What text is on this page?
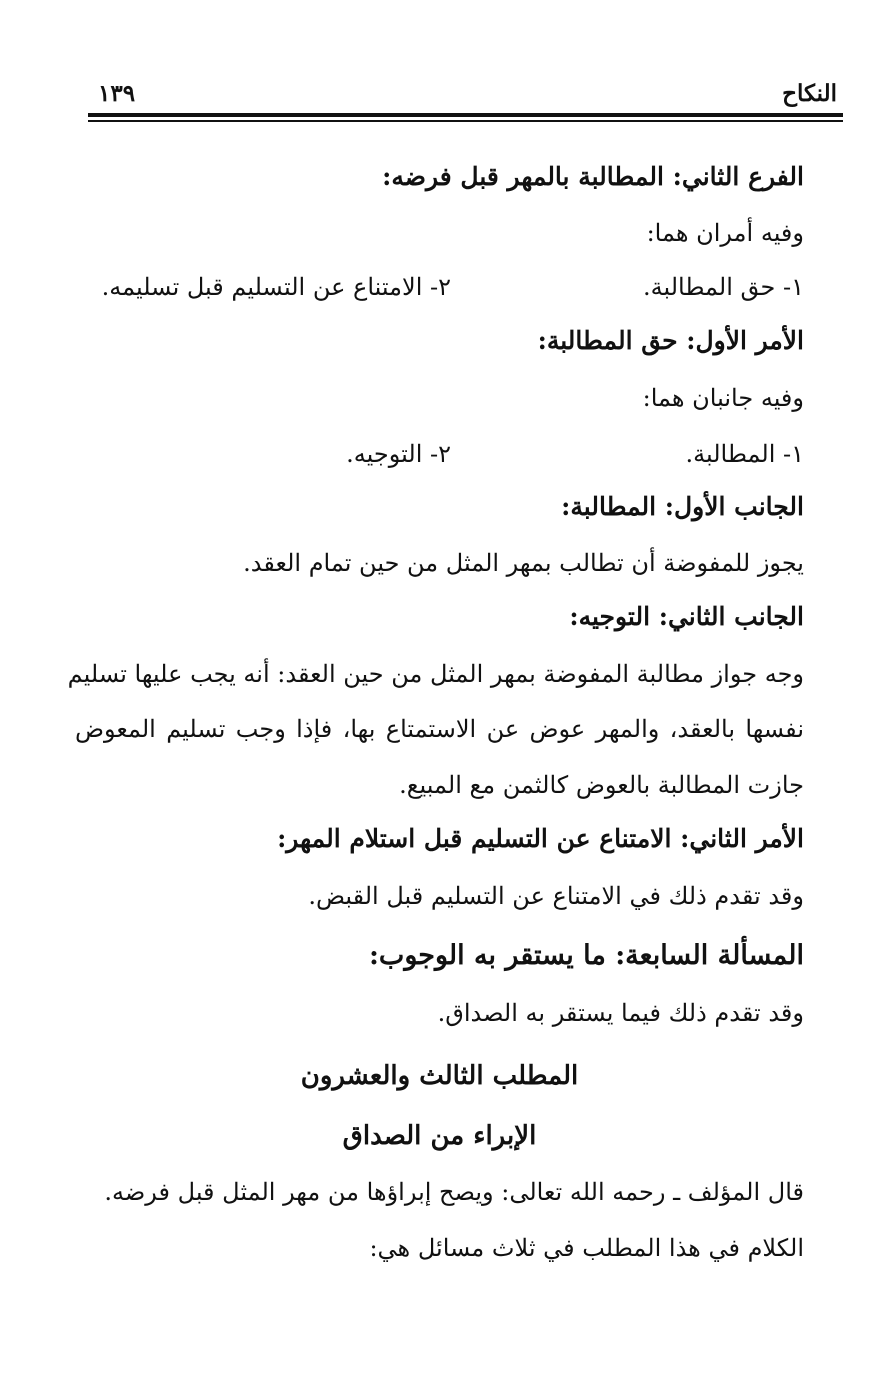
النكاح
١٣٩
الفرع الثاني: المطالبة بالمهر قبل فرضه:
وفيه أمران هما:
١- حق المطالبة.
٢- الامتناع عن التسليم قبل تسليمه.
الأمر الأول: حق المطالبة:
وفيه جانبان هما:
١- المطالبة.
٢- التوجيه.
الجانب الأول: المطالبة:
يجوز للمفوضة أن تطالب بمهر المثل من حين تمام العقد.
الجانب الثاني: التوجيه:
وجه جواز مطالبة المفوضة بمهر المثل من حين العقد: أنه يجب عليها تسليم
نفسها بالعقد، والمهر عوض عن الاستمتاع بها، فإذا وجب تسليم المعوض
جازت المطالبة بالعوض كالثمن مع المبيع.
الأمر الثاني: الامتناع عن التسليم قبل استلام المهر:
وقد تقدم ذلك في الامتناع عن التسليم قبل القبض.
المسألة السابعة: ما يستقر به الوجوب:
وقد تقدم ذلك فيما يستقر به الصداق.
المطلب الثالث والعشرون
الإبراء من الصداق
قال المؤلف ـ رحمه الله تعالى: ويصح إبراؤها من مهر المثل قبل فرضه.
الكلام في هذا المطلب في ثلاث مسائل هي:
